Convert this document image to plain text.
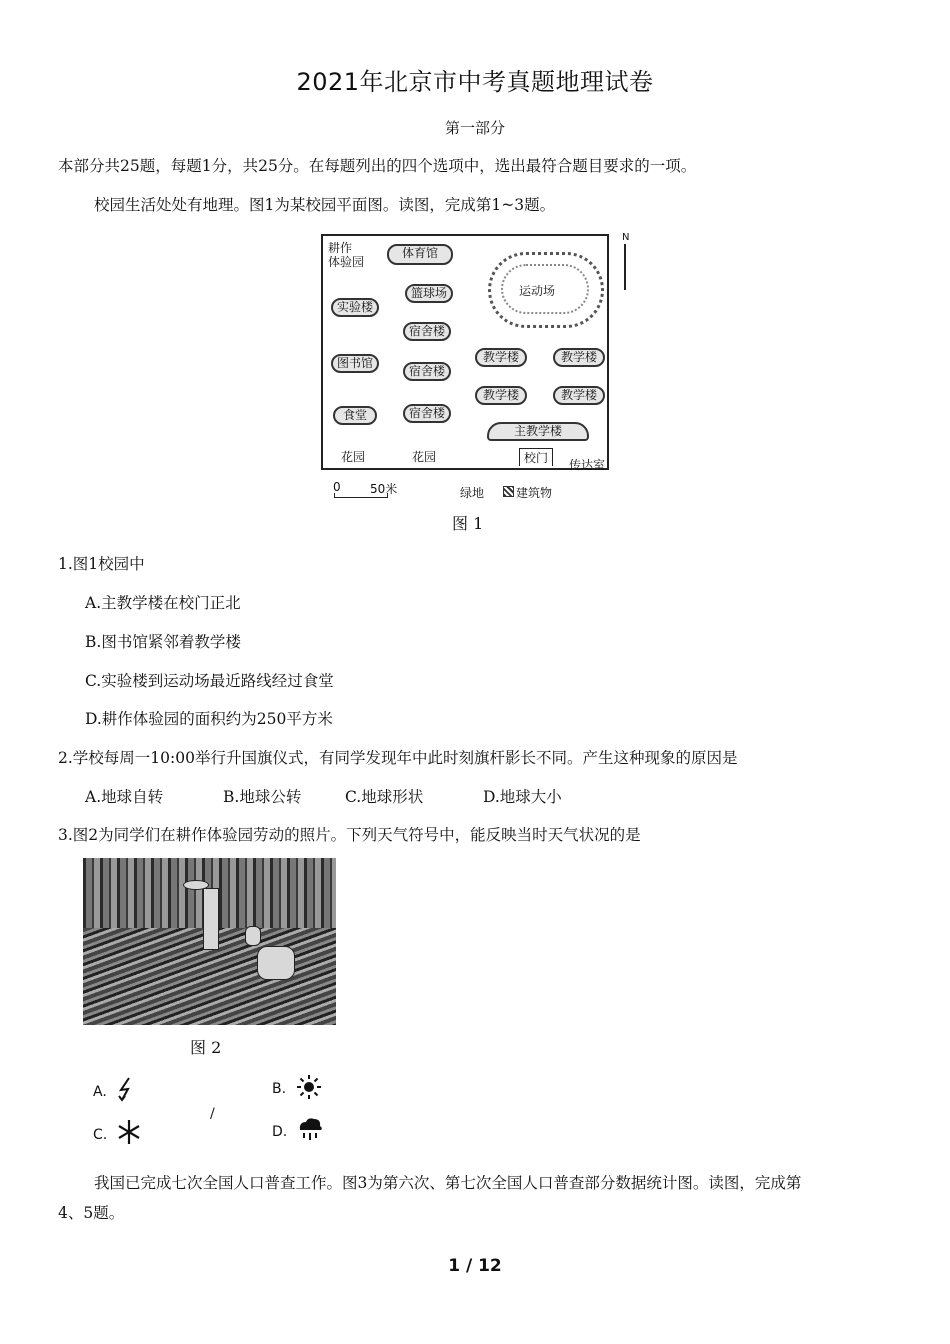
2021年北京市中考真题地理试卷
第一部分
本部分共25题，每题1分，共25分。在每题列出的四个选项中，选出最符合题目要求的一项。
校园生活处处有地理。图1为某校园平面图。读图，完成第1~3题。
耕作
体验园
体育馆
实验楼
篮球场
宿舍楼
图书馆
宿舍楼
食堂	宿舍楼
运动场
教学楼	教学楼
教学楼	教学楼
主教学楼
花园	花园	校门	传达室
N
0 50米	绿地	建筑物
图 1
1.图1校园中
A.主教学楼在校门正北
B.图书馆紧邻着教学楼
C.实验楼到运动场最近路线经过食堂
D.耕作体验园的面积约为250平方米
2.学校每周一10:00举行升国旗仪式，有同学发现年中此时刻旗杆影长不同。产生这种现象的原因是
A.地球自转	B.地球公转	C.地球形状	D.地球大小
3.图2为同学们在耕作体验园劳动的照片。下列天气符号中，能反映当时天气状况的是
图 2
A.	B.
/
C.	D.
我国已完成七次全国人口普查工作。图3为第六次、第七次全国人口普查部分数据统计图。读图，完成第
4、5题。
1 / 12
